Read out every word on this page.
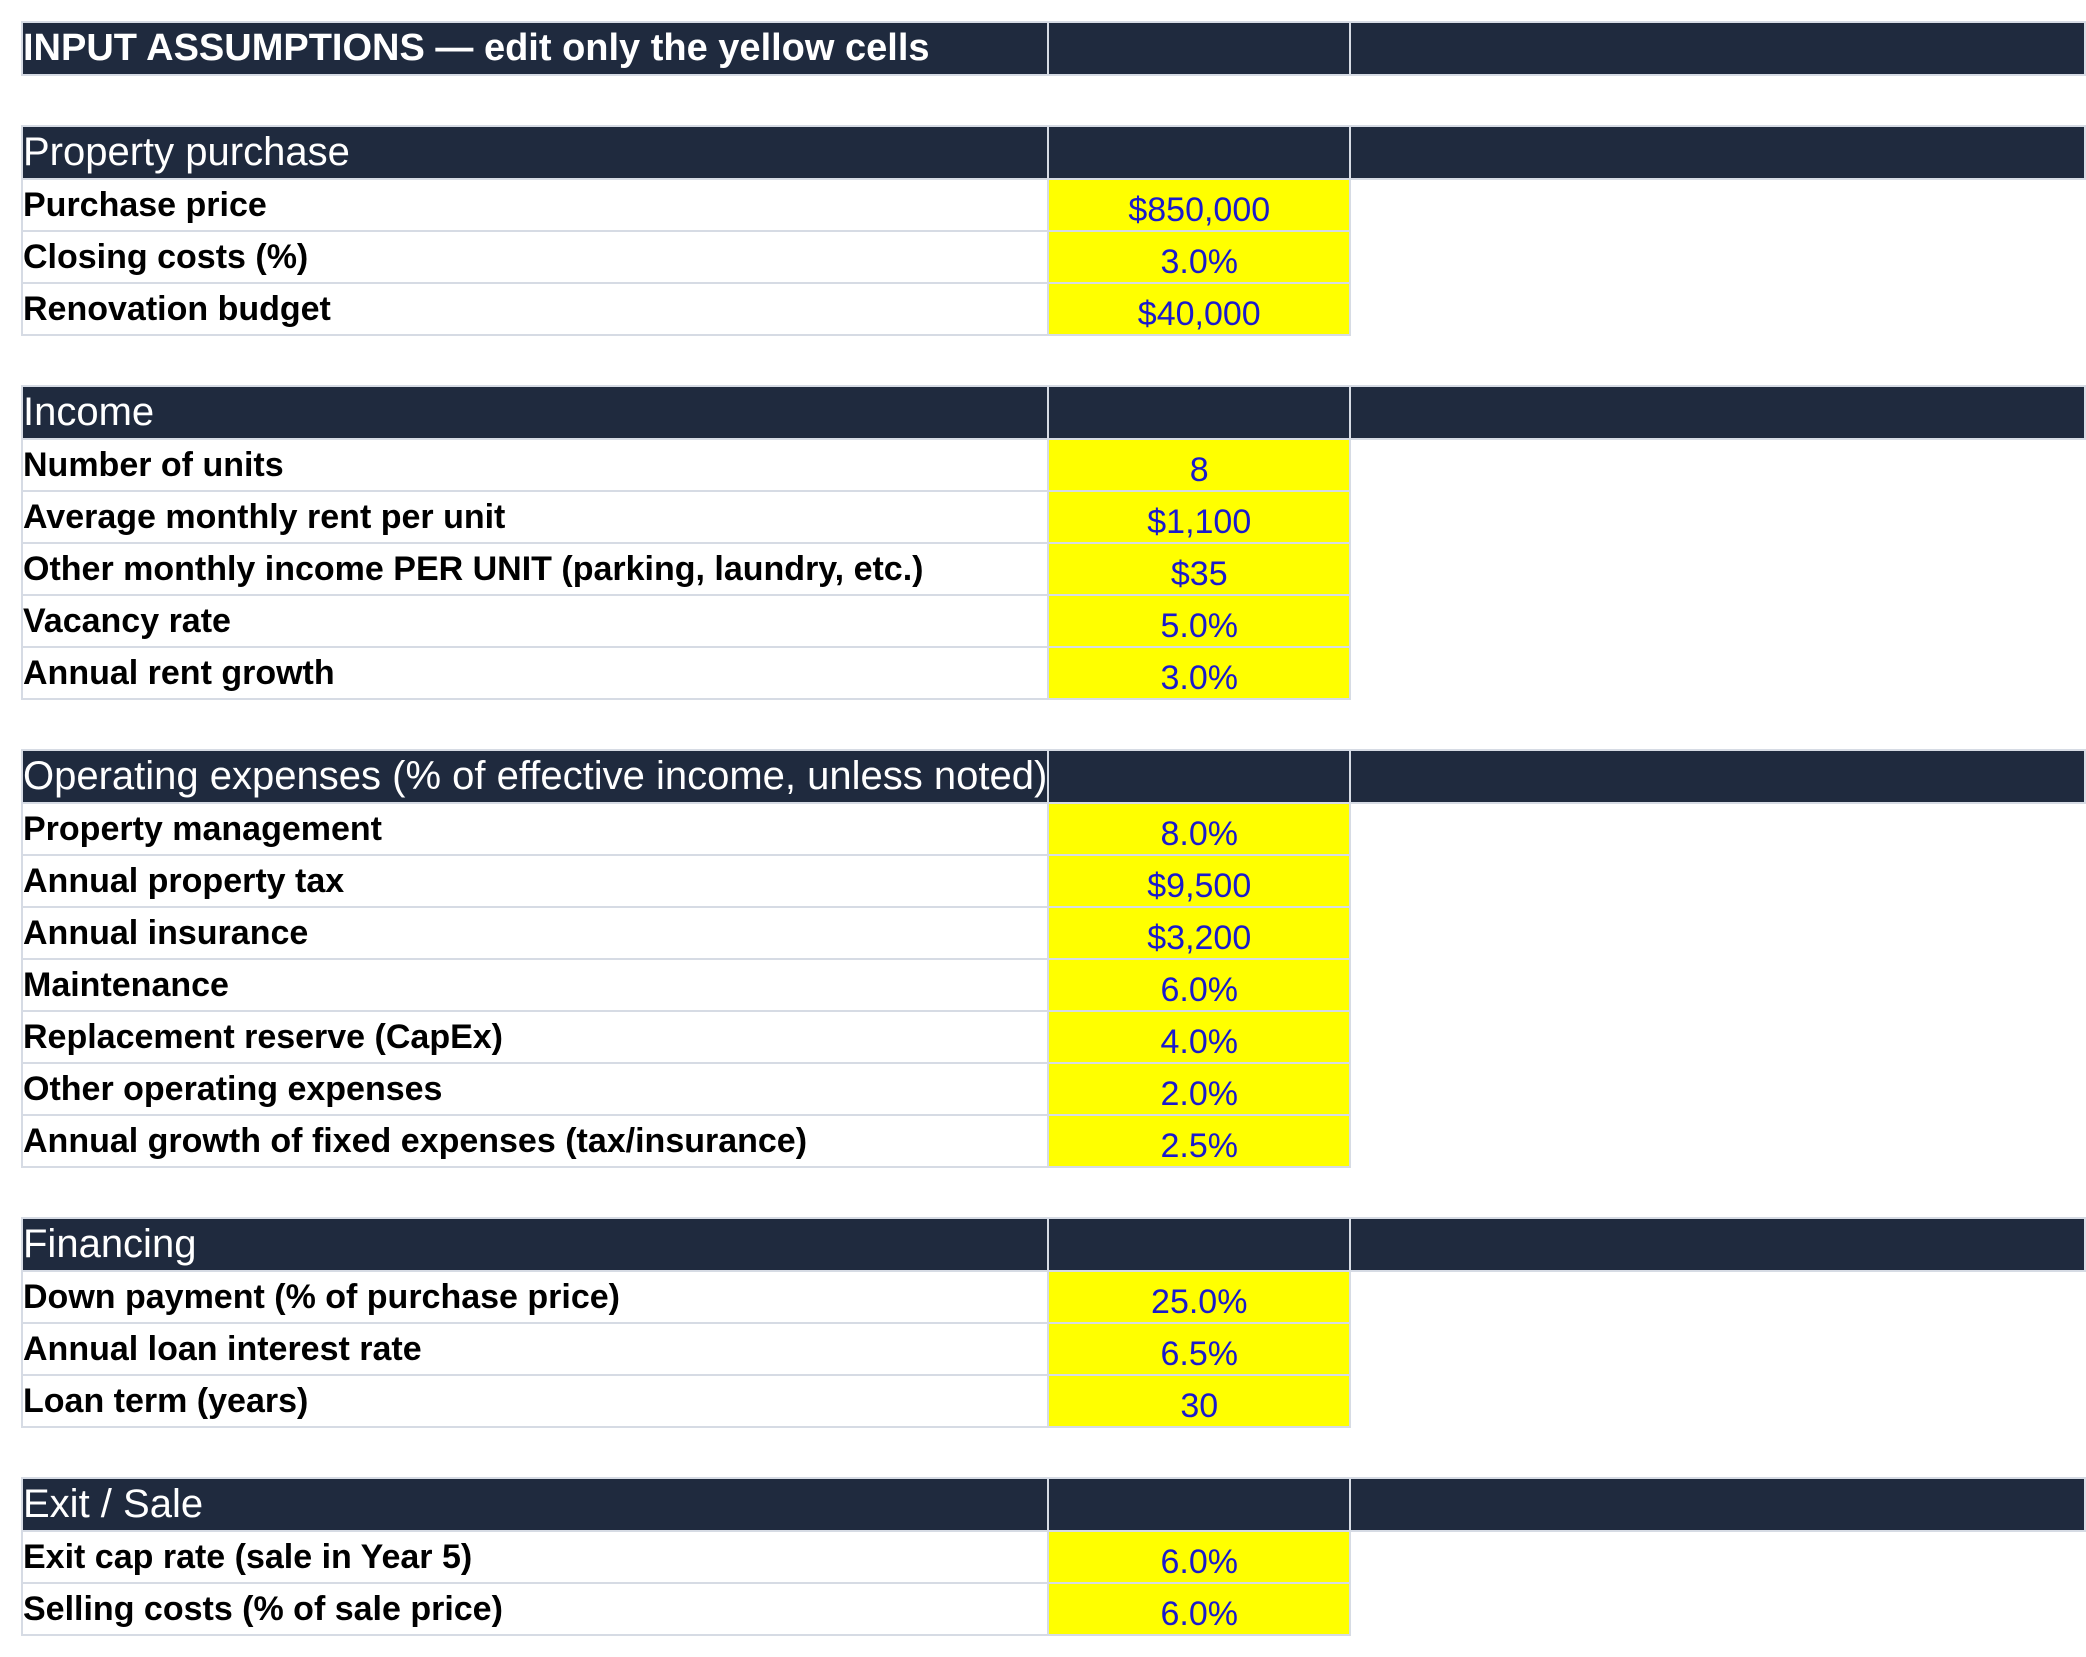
INPUT ASSUMPTIONS — edit only the yellow cells		

Property purchase		
Purchase price	$850,000	
Closing costs (%)	3.0%	
Renovation budget	$40,000	

Income		
Number of units	8	
Average monthly rent per unit	$1,100	
Other monthly income PER UNIT (parking, laundry, etc.)	$35	
Vacancy rate	5.0%	
Annual rent growth	3.0%	

Operating expenses (% of effective income, unless noted)		
Property management	8.0%	
Annual property tax	$9,500	
Annual insurance	$3,200	
Maintenance	6.0%	
Replacement reserve (CapEx)	4.0%	
Other operating expenses	2.0%	
Annual growth of fixed expenses (tax/insurance)	2.5%	

Financing		
Down payment (% of purchase price)	25.0%	
Annual loan interest rate	6.5%	
Loan term (years)	30	

Exit / Sale		
Exit cap rate (sale in Year 5)	6.0%	
Selling costs (% of sale price)	6.0%	
